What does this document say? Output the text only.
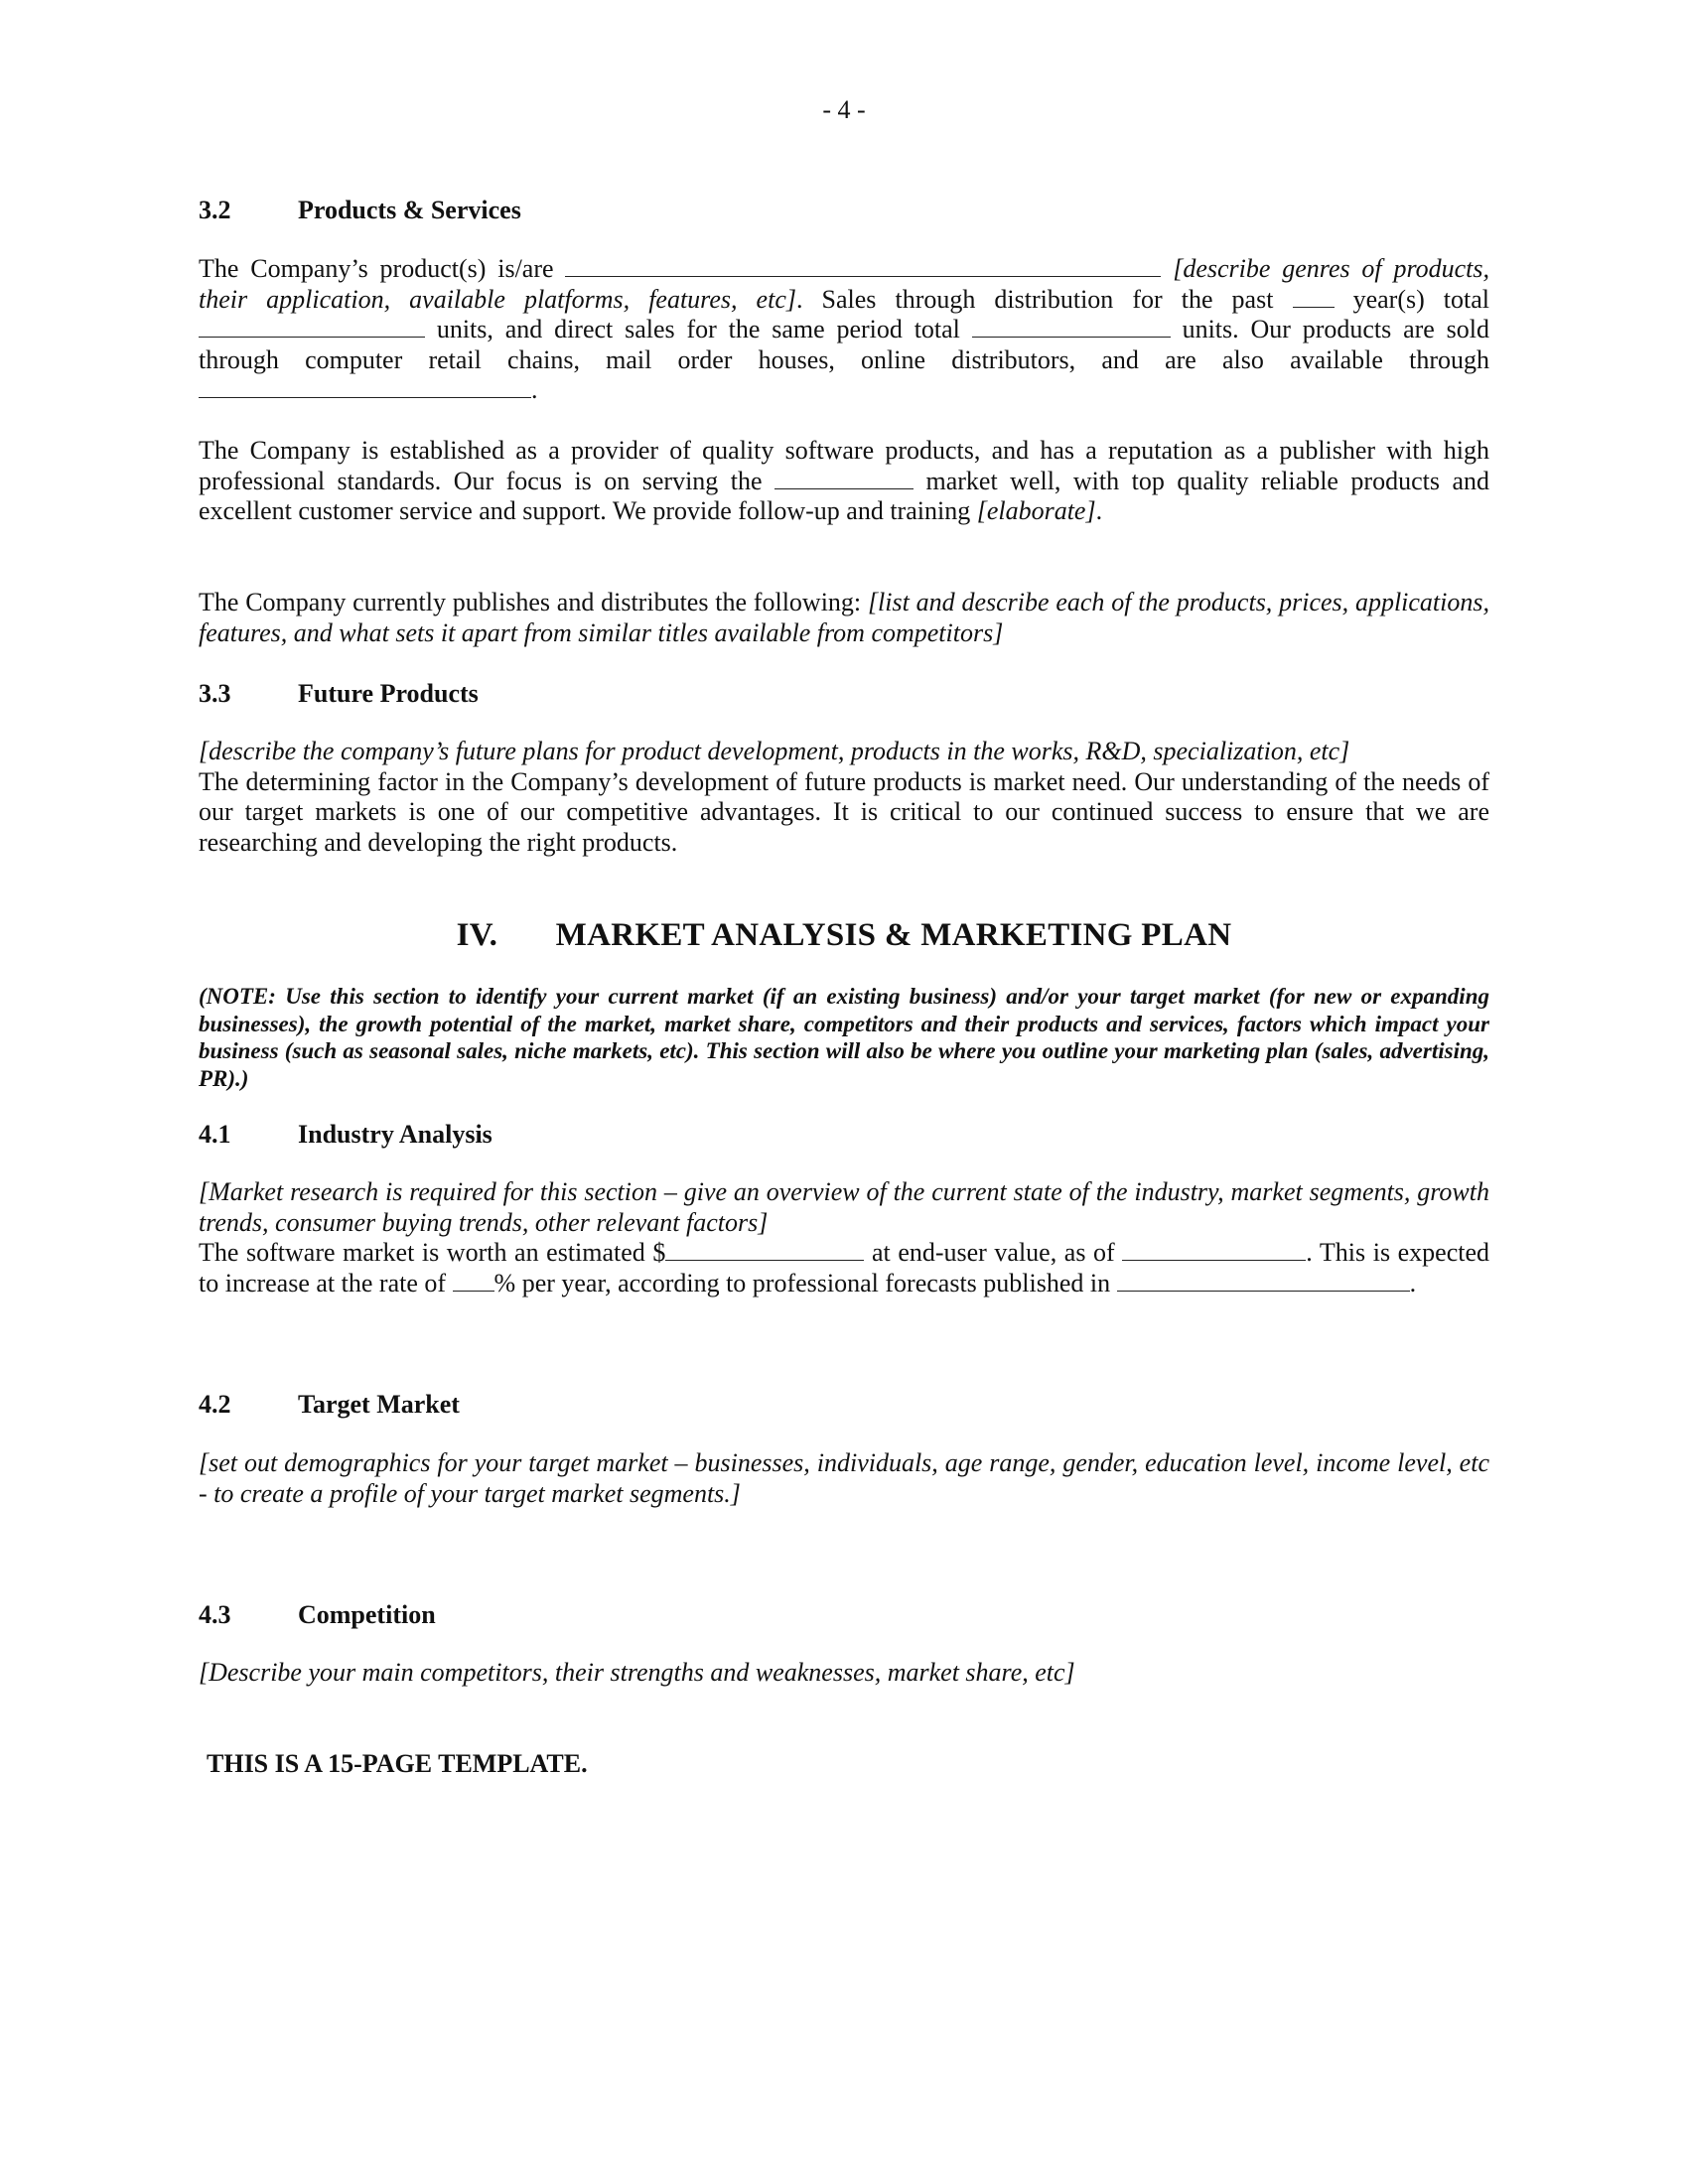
- 4 -
3.2	Products & Services

The Company’s product(s) is/are	[describe genres of products, their application, available platforms, features, etc]. Sales through distribution for the past	year(s) total  units, and direct sales for the same period total	units. Our products are sold through computer retail chains, mail order houses, online distributors, and are also available through .

The Company is established as a provider of quality software products, and has a reputation as a publisher with high professional standards. Our focus is on serving the	market well, with top quality reliable products and excellent customer service and support. We provide follow-up and training [elaborate].

The Company currently publishes and distributes the following: [list and describe each of the products, prices, applications, features, and what sets it apart from similar titles available from competitors]

3.3	Future Products

[describe the company’s future plans for product development, products in the works, R&D, specialization, etc]

The determining factor in the Company’s development of future products is market need. Our understanding of the needs of our target markets is one of our competitive advantages. It is critical to our continued success to ensure that we are researching and developing the right products.

IV. MARKET ANALYSIS & MARKETING PLAN

(NOTE: Use this section to identify your current market (if an existing business) and/or your target market (for new or expanding businesses), the growth potential of the market, market share, competitors and their products and services, factors which impact your business (such as seasonal sales, niche markets, etc). This section will also be where you outline your marketing plan (sales, advertising, PR).)

4.1	Industry Analysis

[Market research is required for this section – give an overview of the current state of the industry, market segments, growth trends, consumer buying trends, other relevant factors]

The software market is worth an estimated $	at end-user value, as of	. This is expected to increase at the rate of % per year, according to professional forecasts published in	.

4.2	Target Market

[set out demographics for your target market – businesses, individuals, age range, gender, education level, income level, etc - to create a profile of your target market segments.]

4.3	Competition

[Describe your main competitors, their strengths and weaknesses, market share, etc]

THIS IS A 15-PAGE TEMPLATE.
